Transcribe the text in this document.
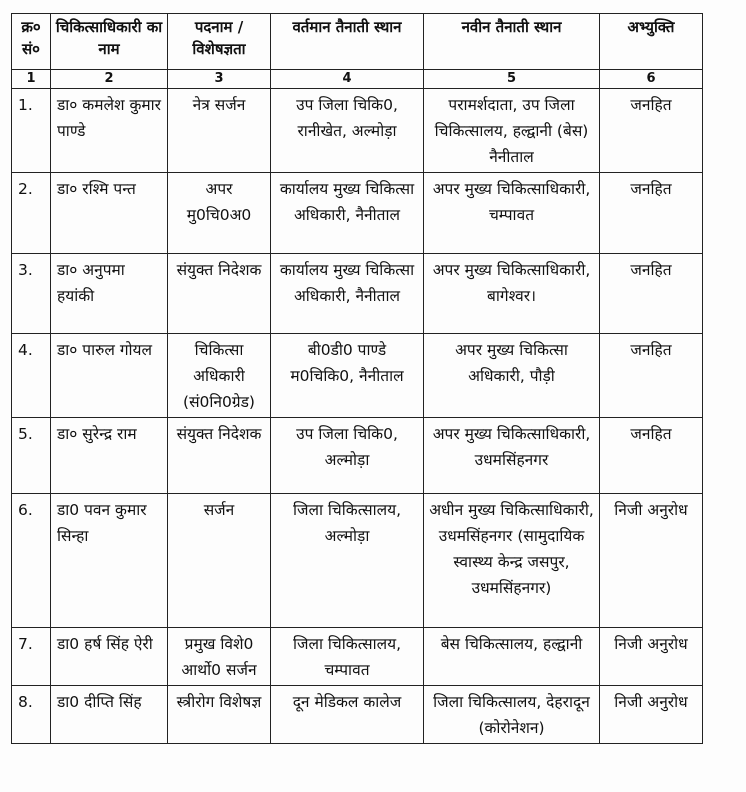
क्र० सं०	चिकित्साधिकारी का नाम	पदनाम / विशेषज्ञता	वर्तमान तैनाती स्थान	नवीन तैनाती स्थान	अभ्युक्ति
1	2	3	4	5	6
1.	डा० कमलेश कुमार पाण्डे	नेत्र सर्जन	उप जिला चिकि0, रानीखेत, अल्मोड़ा	परामर्शदाता, उप जिला चिकित्सालय, हल्द्वानी (बेस) नैनीताल	जनहित
2.	डा० रश्मि पन्त	अपर मु0चि0अ0	कार्यालय मुख्य चिकित्सा अधिकारी, नैनीताल	अपर मुख्य चिकित्साधिकारी, चम्पावत	जनहित
3.	डा० अनुपमा हयांकी	संयुक्त निदेशक	कार्यालय मुख्य चिकित्सा अधिकारी, नैनीताल	अपर मुख्य चिकित्साधिकारी, बागेश्वर।	जनहित
4.	डा० पारुल गोयल	चिकित्सा अधिकारी (सं0नि0ग्रेड)	बी0डी0 पाण्डे म0चिकि0, नैनीताल	अपर मुख्य चिकित्सा अधिकारी, पौड़ी	जनहित
5.	डा० सुरेन्द्र राम	संयुक्त निदेशक	उप जिला चिकि0, अल्मोड़ा	अपर मुख्य चिकित्साधिकारी, उधमसिंहनगर	जनहित
6.	डा0 पवन कुमार सिन्हा	सर्जन	जिला चिकित्सालय, अल्मोड़ा	अधीन मुख्य चिकित्साधिकारी, उधमसिंहनगर (सामुदायिक स्वास्थ्य केन्द्र जसपुर, उधमसिंहनगर)	निजी अनुरोध
7.	डा0 हर्ष सिंह ऐरी	प्रमुख विशे0 आर्थो0 सर्जन	जिला चिकित्सालय, चम्पावत	बेस चिकित्सालय, हल्द्वानी	निजी अनुरोध
8.	डा0 दीप्ति सिंह	स्त्रीरोग विशेषज्ञ	दून मेडिकल कालेज	जिला चिकित्सालय, देहरादून (कोरोनेशन)	निजी अनुरोध
